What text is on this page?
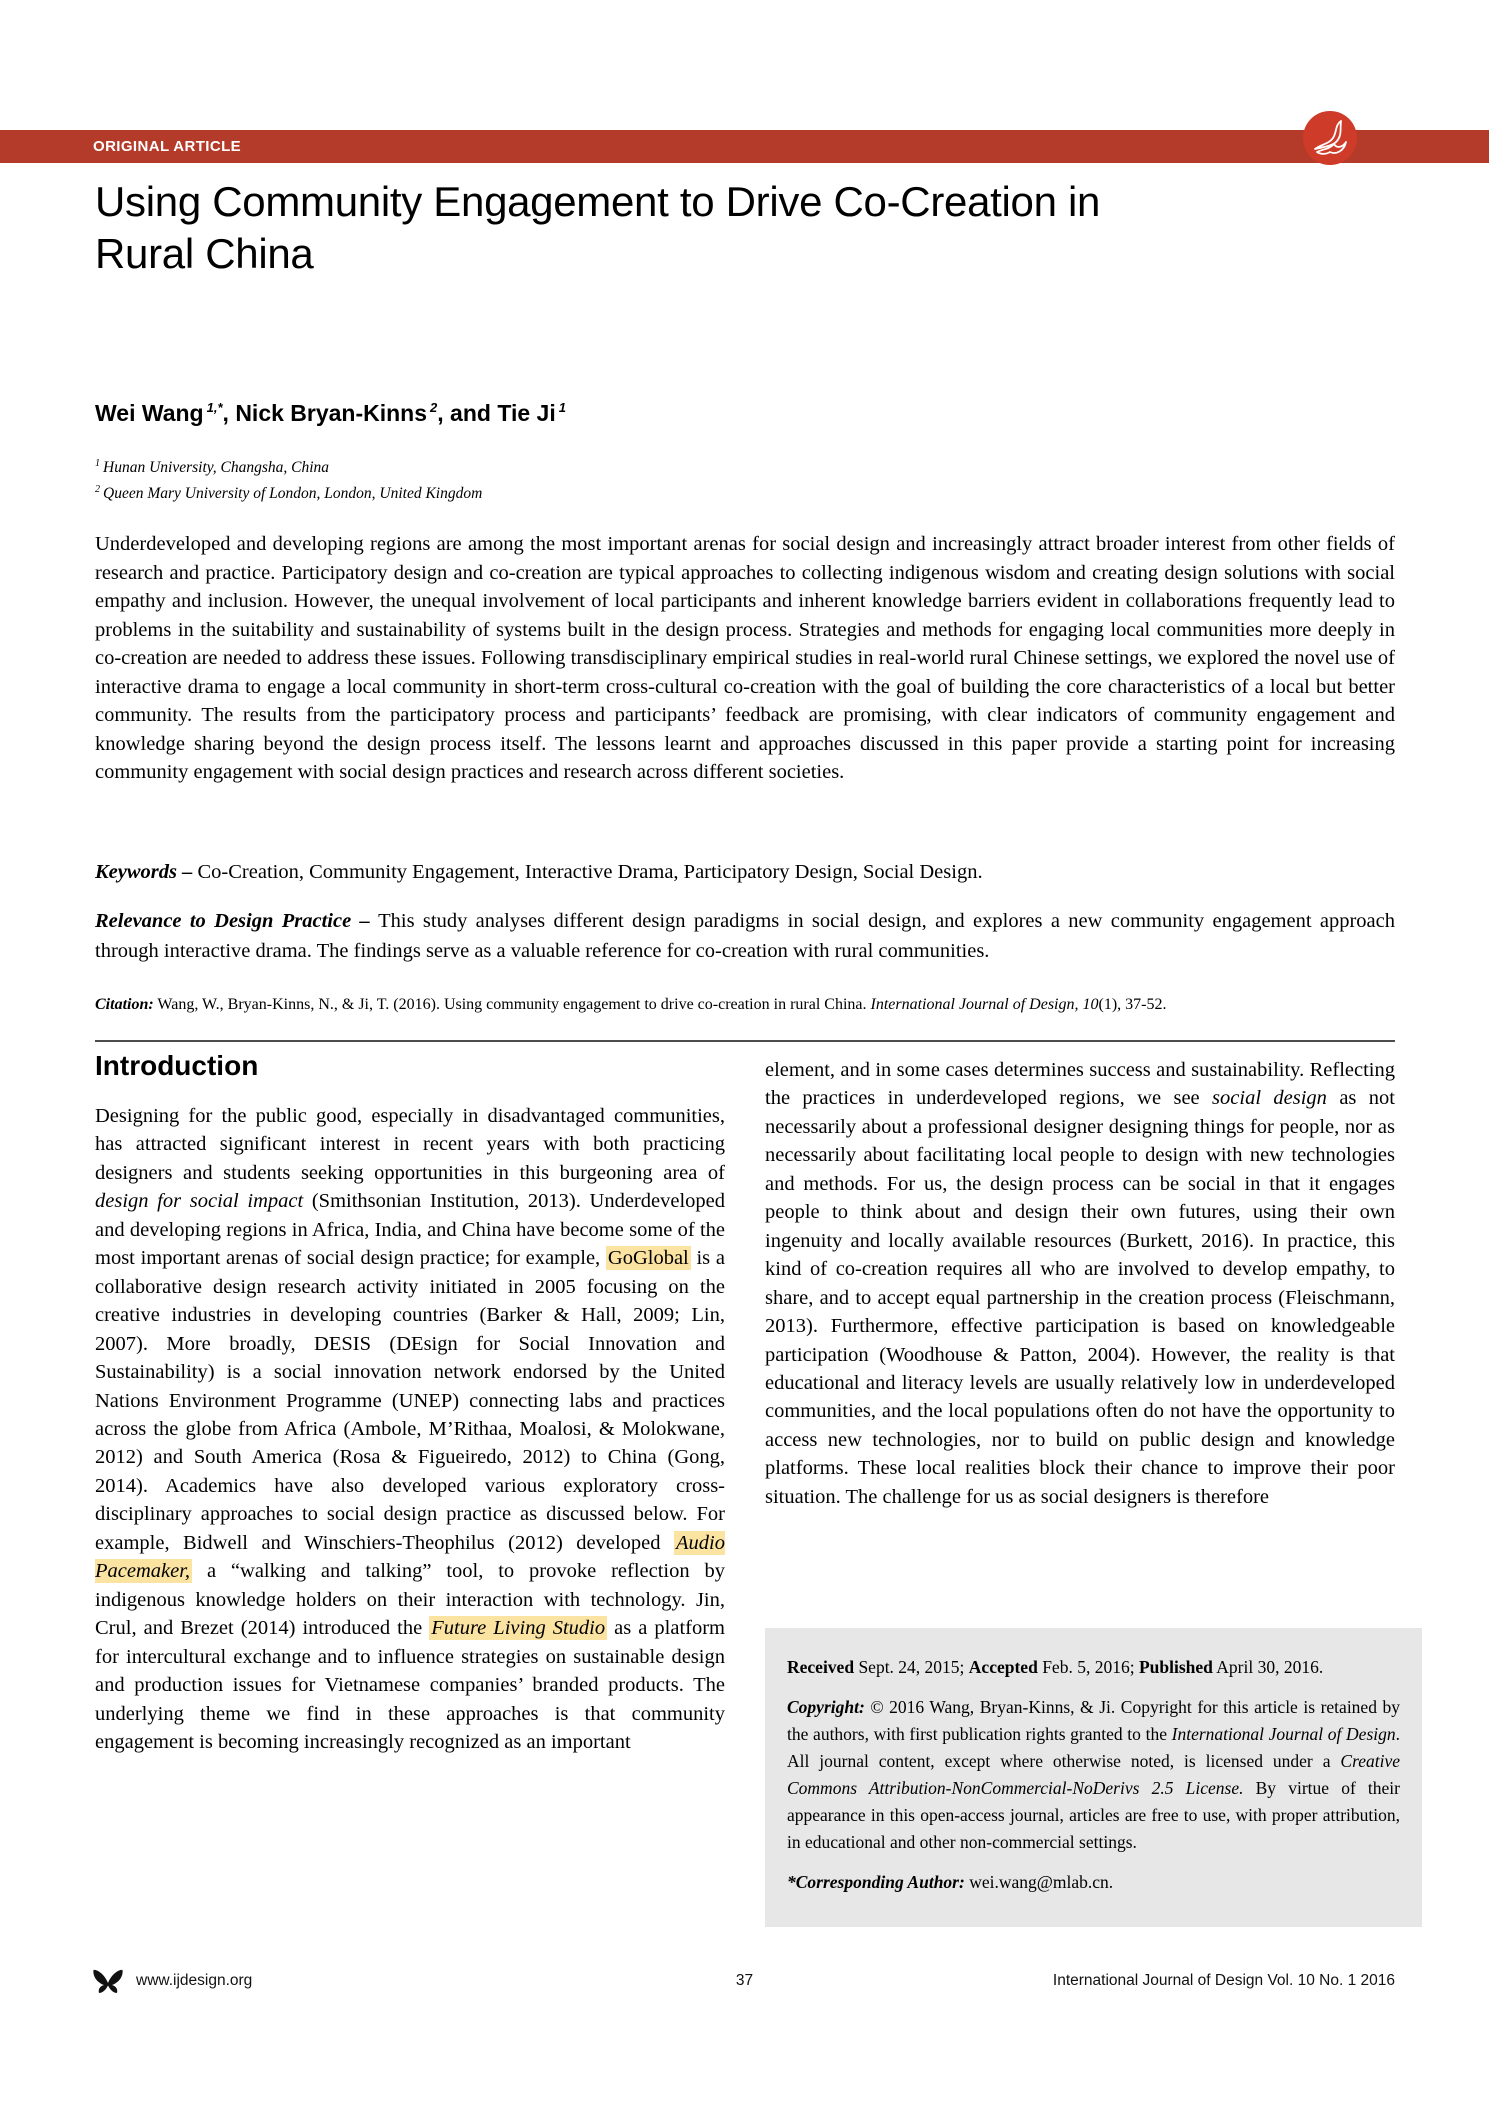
ORIGINAL ARTICLE
Using Community Engagement to Drive Co-Creation in
Rural China
Wei Wang $^{1,*}$, Nick Bryan-Kinns $^2$, and Tie Ji $^1$
$^1$ Hunan University, Changsha, China
$^2$ Queen Mary University of London, London, United Kingdom
Underdeveloped and developing regions are among the most important arenas for social design and increasingly attract broader interest from other fields of research and practice. Participatory design and co-creation are typical approaches to collecting indigenous wisdom and creating design solutions with social empathy and inclusion. However, the unequal involvement of local participants and inherent knowledge barriers evident in collaborations frequently lead to problems in the suitability and sustainability of systems built in the design process. Strategies and methods for engaging local communities more deeply in co-creation are needed to address these issues. Following transdisciplinary empirical studies in real-world rural Chinese settings, we explored the novel use of interactive drama to engage a local community in short-term cross-cultural co-creation with the goal of building the core characteristics of a local but better community. The results from the participatory process and participants’ feedback are promising, with clear indicators of community engagement and knowledge sharing beyond the design process itself. The lessons learnt and approaches discussed in this paper provide a starting point for increasing community engagement with social design practices and research across different societies.
Keywords – Co-Creation, Community Engagement, Interactive Drama, Participatory Design, Social Design.
Relevance to Design Practice – This study analyses different design paradigms in social design, and explores a new community engagement approach through interactive drama. The findings serve as a valuable reference for co-creation with rural communities.
Citation: Wang, W., Bryan-Kinns, N., & Ji, T. (2016). Using community engagement to drive co-creation in rural China. International Journal of Design, 10(1), 37-52.
Introduction

Designing for the public good, especially in disadvantaged communities, has attracted significant interest in recent years with both practicing designers and students seeking opportunities in this burgeoning area of design for social impact (Smithsonian Institution, 2013). Underdeveloped and developing regions in Africa, India, and China have become some of the most important arenas of social design practice; for example, GoGlobal is a collaborative design research activity initiated in 2005 focusing on the creative industries in developing countries (Barker & Hall, 2009; Lin, 2007). More broadly, DESIS (DEsign for Social Innovation and Sustainability) is a social innovation network endorsed by the United Nations Environment Programme (UNEP) connecting labs and practices across the globe from Africa (Ambole, M’Rithaa, Moalosi, & Molokwane, 2012) and South America (Rosa & Figueiredo, 2012) to China (Gong, 2014). Academics have also developed various exploratory cross-disciplinary approaches to social design practice as discussed below. For example, Bidwell and Winschiers-Theophilus (2012) developed Audio Pacemaker, a “walking and talking” tool, to provoke reflection by indigenous knowledge holders on their interaction with technology. Jin, Crul, and Brezet (2014) introduced the Future Living Studio as a platform for intercultural exchange and to influence strategies on sustainable design and production issues for Vietnamese companies’ branded products. The underlying theme we find in these approaches is that community engagement is becoming increasingly recognized as an important

element, and in some cases determines success and sustainability. Reflecting the practices in underdeveloped regions, we see social design as not necessarily about a professional designer designing things for people, nor as necessarily about facilitating local people to design with new technologies and methods. For us, the design process can be social in that it engages people to think about and design their own futures, using their own ingenuity and locally available resources (Burkett, 2016). In practice, this kind of co-creation requires all who are involved to develop empathy, to share, and to accept equal partnership in the creation process (Fleischmann, 2013). Furthermore, effective participation is based on knowledgeable participation (Woodhouse & Patton, 2004). However, the reality is that educational and literacy levels are usually relatively low in underdeveloped communities, and the local populations often do not have the opportunity to access new technologies, nor to build on public design and knowledge platforms. These local realities block their chance to improve their poor situation. The challenge for us as social designers is therefore

Received Sept. 24, 2015; Accepted Feb. 5, 2016; Published April 30, 2016.

Copyright: © 2016 Wang, Bryan-Kinns, & Ji. Copyright for this article is retained by the authors, with first publication rights granted to the International Journal of Design. All journal content, except where otherwise noted, is licensed under a Creative Commons Attribution-NonCommercial-NoDerivs 2.5 License. By virtue of their appearance in this open-access journal, articles are free to use, with proper attribution, in educational and other non-commercial settings.

*Corresponding Author: wei.wang@mlab.cn.

www.ijdesign.org	37	International Journal of Design Vol. 10 No. 1 2016
